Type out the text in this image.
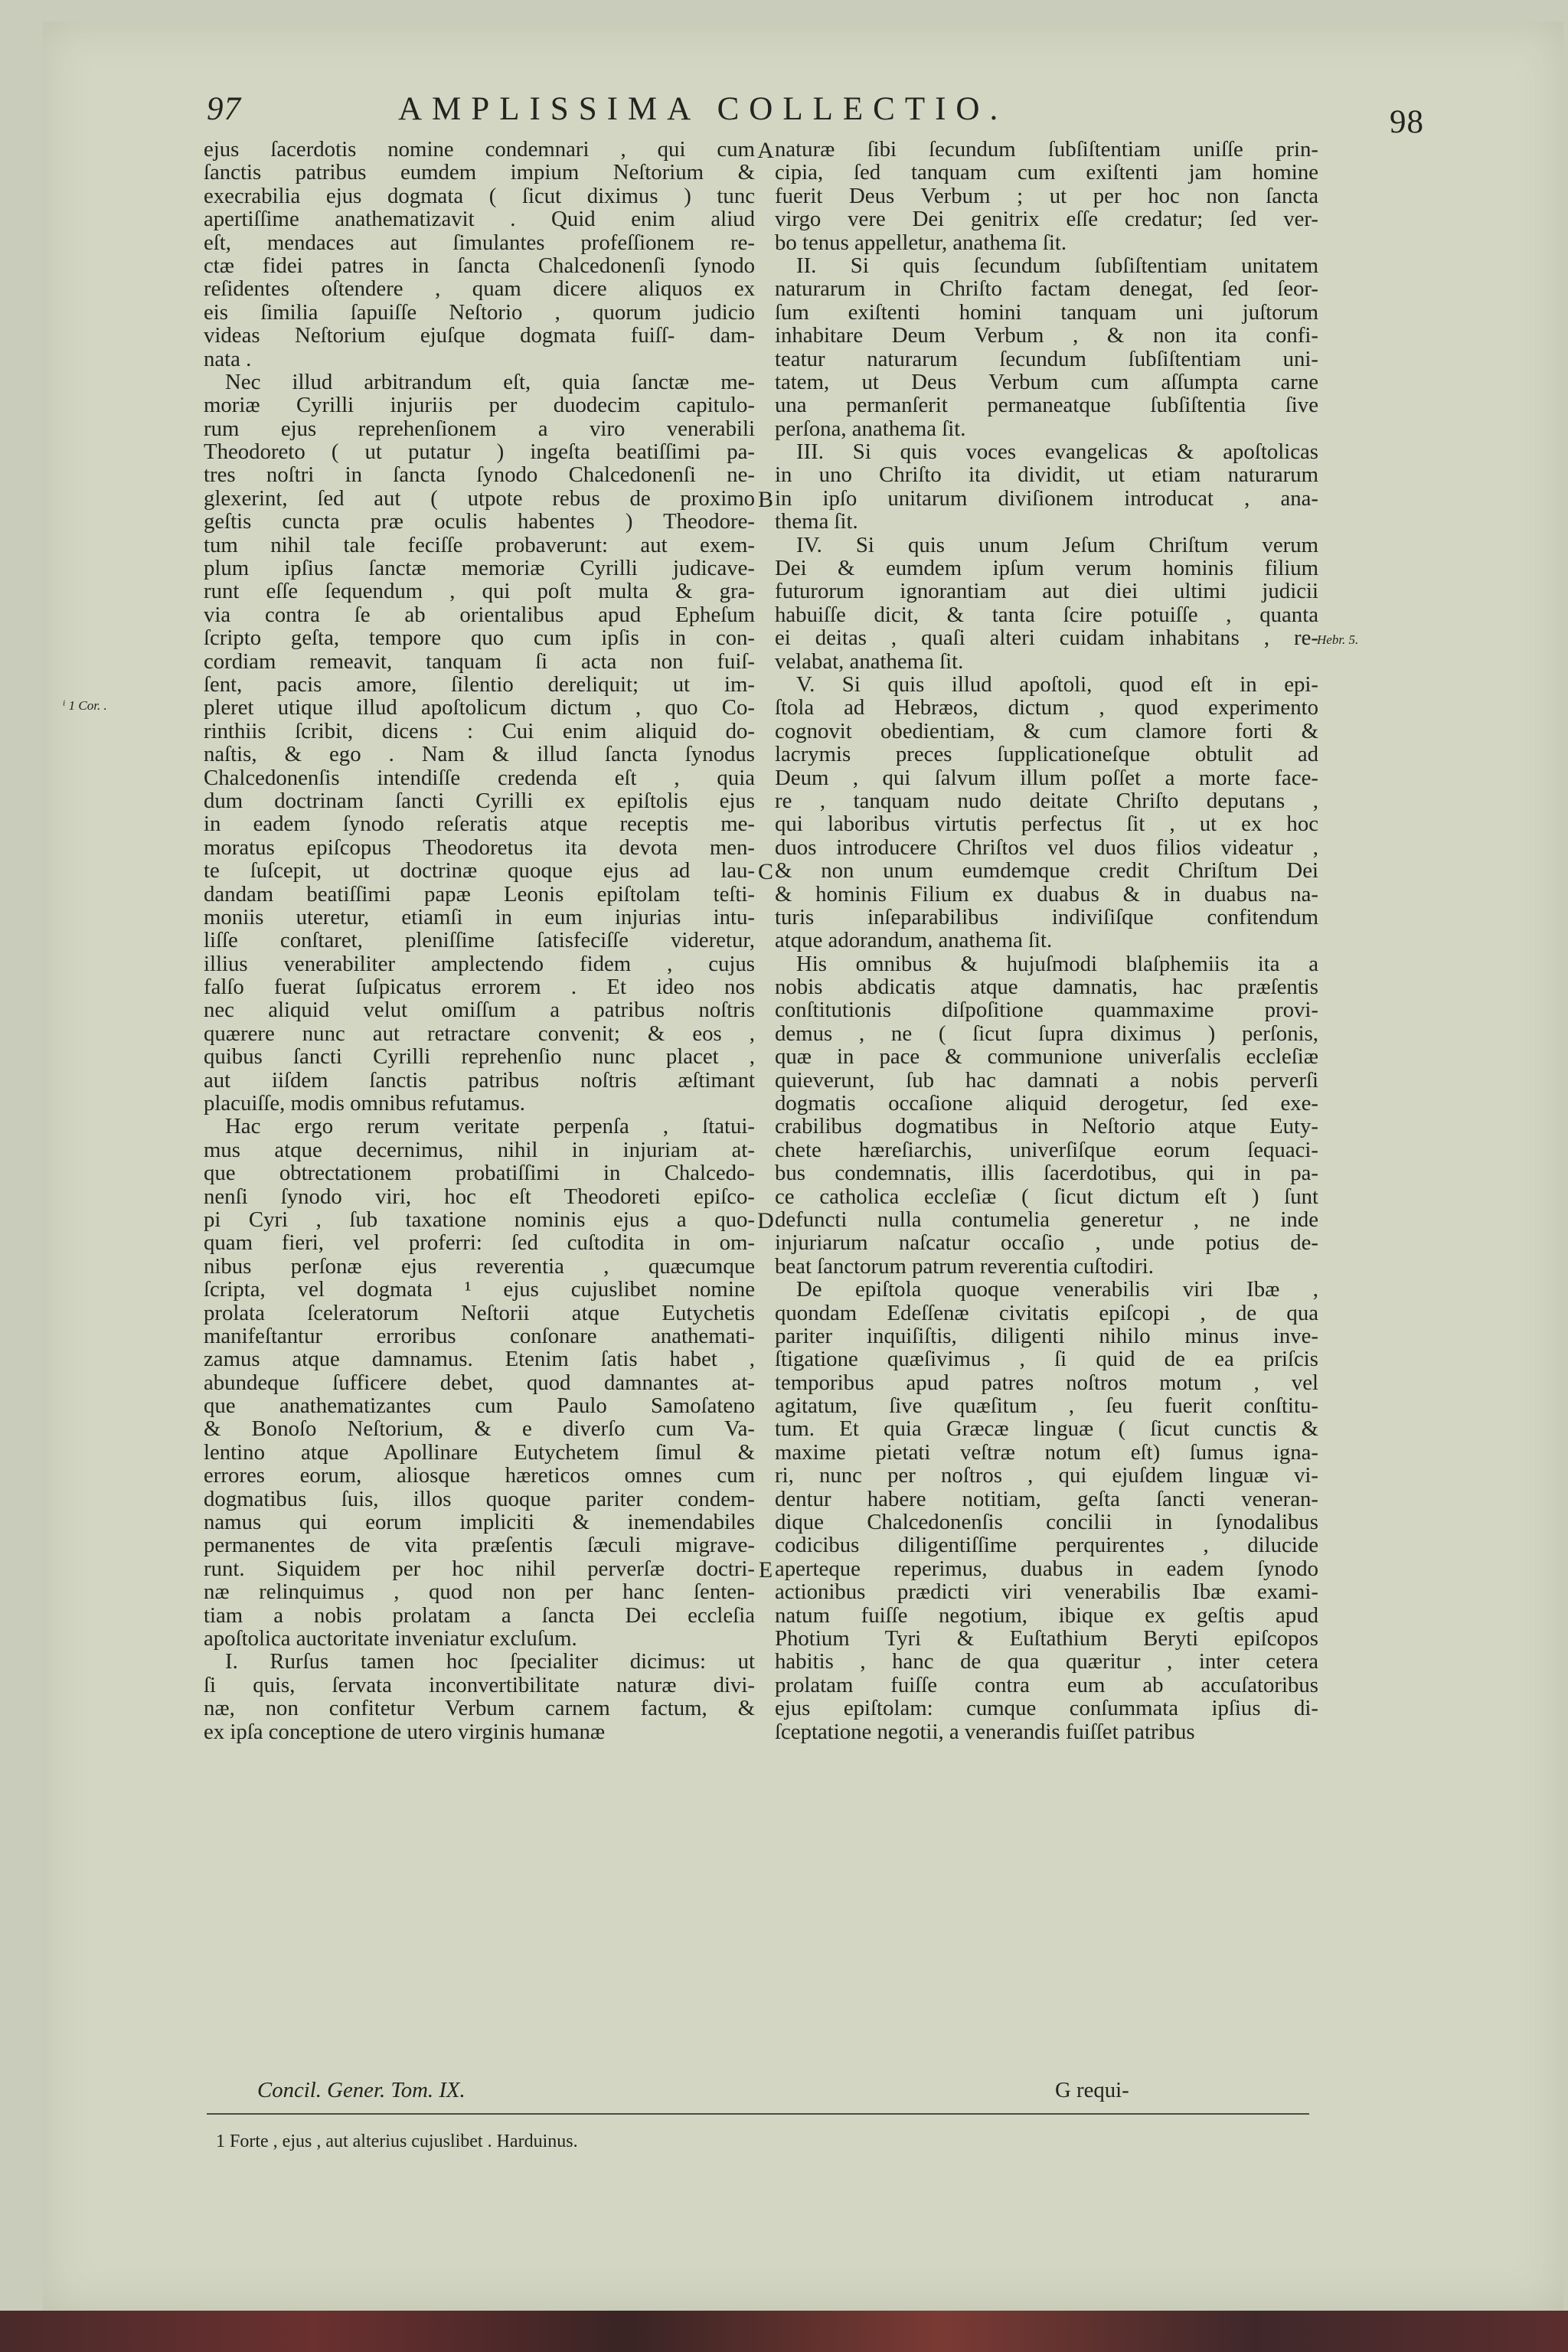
97	AMPLISSIMA COLLECTIO.	98
ejus ſacerdotis nomine condemnari , qui cum
ſanctis patribus eumdem impium Neſtorium &
execrabilia ejus dogmata ( ſicut diximus ) tunc
apertiſſime anathematizavit . Quid enim aliud
eſt, mendaces aut ſimulantes profeſſionem re-
ctæ fidei patres in ſancta Chalcedonenſi ſynodo
reſidentes oſtendere , quam dicere aliquos ex
eis ſimilia ſapuiſſe Neſtorio , quorum judicio
videas Neſtorium ejuſque dogmata fuiſſ- dam-
nata .
Nec illud arbitrandum eſt, quia ſanctæ me-
moriæ Cyrilli injuriis per duodecim capitulo-
rum ejus reprehenſionem a viro venerabili
Theodoreto ( ut putatur ) ingeſta beatiſſimi pa-
tres noſtri in ſancta ſynodo Chalcedonenſi ne-
glexerint, ſed aut ( utpote rebus de proximo
geſtis cuncta præ oculis habentes ) Theodore-
tum nihil tale feciſſe probaverunt: aut exem-
plum ipſius ſanctæ memoriæ Cyrilli judicave-
runt eſſe ſequendum , qui poſt multa & gra-
via contra ſe ab orientalibus apud Epheſum
ſcripto geſta, tempore quo cum ipſis in con-
cordiam remeavit, tanquam ſi acta non fuiſ-
ſent, pacis amore, ſilentio dereliquit; ut im-
pleret utique illud apoſtolicum dictum , quo Co-
rinthiis ſcribit, dicens : Cui enim aliquid do-
naſtis, & ego . Nam & illud ſancta ſynodus
Chalcedonenſis intendiſſe credenda eſt , quia
dum doctrinam ſancti Cyrilli ex epiſtolis ejus
in eadem ſynodo reſeratis atque receptis me-
moratus epiſcopus Theodoretus ita devota men-
te ſuſcepit, ut doctrinæ quoque ejus ad lau-
dandam beatiſſimi papæ Leonis epiſtolam teſti-
moniis uteretur, etiamſi in eum injurias intu-
liſſe conſtaret, pleniſſime ſatisfeciſſe videretur,
illius venerabiliter amplectendo fidem , cujus
falſo fuerat ſuſpicatus errorem . Et ideo nos
nec aliquid velut omiſſum a patribus noſtris
quærere nunc aut retractare convenit; & eos ,
quibus ſancti Cyrilli reprehenſio nunc placet ,
aut iiſdem ſanctis patribus noſtris æſtimant
placuiſſe, modis omnibus refutamus.
Hac ergo rerum veritate perpenſa , ſtatui-
mus atque decernimus, nihil in injuriam at-
que obtrectationem probatiſſimi in Chalcedo-
nenſi ſynodo viri, hoc eſt Theodoreti epiſco-
pi Cyri , ſub taxatione nominis ejus a quo-
quam fieri, vel proferri: ſed cuſtodita in om-
nibus perſonæ ejus reverentia , quæcumque
ſcripta, vel dogmata ¹ ejus cujuslibet nomine
prolata ſceleratorum Neſtorii atque Eutychetis
manifeſtantur erroribus conſonare anathemati-
zamus atque damnamus. Etenim ſatis habet ,
abundeque ſufficere debet, quod damnantes at-
que anathematizantes cum Paulo Samoſateno
& Bonoſo Neſtorium, & e diverſo cum Va-
lentino atque Apollinare Eutychetem ſimul &
errores eorum, aliosque hæreticos omnes cum
dogmatibus ſuis, illos quoque pariter condem-
namus qui eorum impliciti & inemendabiles
permanentes de vita præſentis ſæculi migrave-
runt. Siquidem per hoc nihil perverſæ doctri-
næ relinquimus , quod non per hanc ſenten-
tiam a nobis prolatam a ſancta Dei eccleſia
apoſtolica auctoritate inveniatur excluſum.
I. Rurſus tamen hoc ſpecialiter dicimus: ut
ſi quis, ſervata inconvertibilitate naturæ divi-
næ, non confitetur Verbum carnem factum, &
ex ipſa conceptione de utero virginis humanæ
naturæ ſibi ſecundum ſubſiſtentiam uniſſe prin-
cipia, ſed tanquam cum exiſtenti jam homine
fuerit Deus Verbum ; ut per hoc non ſancta
virgo vere Dei genitrix eſſe credatur; ſed ver-
bo tenus appelletur, anathema ſit.
II. Si quis ſecundum ſubſiſtentiam unitatem
naturarum in Chriſto factam denegat, ſed ſeor-
ſum exiſtenti homini tanquam uni juſtorum
inhabitare Deum Verbum , & non ita confi-
teatur naturarum ſecundum ſubſiſtentiam uni-
tatem, ut Deus Verbum cum aſſumpta carne
una permanſerit permaneatque ſubſiſtentia ſive
perſona, anathema ſit.
III. Si quis voces evangelicas & apoſtolicas
in uno Chriſto ita dividit, ut etiam naturarum
in ipſo unitarum diviſionem introducat , ana-
thema ſit.
IV. Si quis unum Jeſum Chriſtum verum
Dei & eumdem ipſum verum hominis filium
futurorum ignorantiam aut diei ultimi judicii
habuiſſe dicit, & tanta ſcire potuiſſe , quanta
ei deitas , quaſi alteri cuidam inhabitans , re-
velabat, anathema ſit.
V. Si quis illud apoſtoli, quod eſt in epi-
ſtola ad Hebræos, dictum , quod experimento
cognovit obedientiam, & cum clamore forti &
lacrymis preces ſupplicationeſque obtulit ad
Deum , qui ſalvum illum poſſet a morte face-
re , tanquam nudo deitate Chriſto deputans ,
qui laboribus virtutis perfectus ſit , ut ex hoc
duos introducere Chriſtos vel duos filios videatur ,
& non unum eumdemque credit Chriſtum Dei
& hominis Filium ex duabus & in duabus na-
turis inſeparabilibus indiviſiſque confitendum
atque adorandum, anathema ſit.
His omnibus & hujuſmodi blaſphemiis ita a
nobis abdicatis atque damnatis, hac præſentis
conſtitutionis diſpoſitione quammaxime provi-
demus , ne ( ſicut ſupra diximus ) perſonis,
quæ in pace & communione univerſalis eccleſiæ
quieverunt, ſub hac damnati a nobis perverſi
dogmatis occaſione aliquid derogetur, ſed exe-
crabilibus dogmatibus in Neſtorio atque Euty-
chete hæreſiarchis, univerſiſque eorum ſequaci-
bus condemnatis, illis ſacerdotibus, qui in pa-
ce catholica eccleſiæ ( ſicut dictum eſt ) ſunt
defuncti nulla contumelia generetur , ne inde
injuriarum naſcatur occaſio , unde potius de-
beat ſanctorum patrum reverentia cuſtodiri.
De epiſtola quoque venerabilis viri Ibæ ,
quondam Edeſſenæ civitatis epiſcopi , de qua
pariter inquiſiſtis, diligenti nihilo minus inve-
ſtigatione quæſivimus , ſi quid de ea priſcis
temporibus apud patres noſtros motum , vel
agitatum, ſive quæſitum , ſeu fuerit conſtitu-
tum. Et quia Græcæ linguæ ( ſicut cunctis &
maxime pietati veſtræ notum eſt) ſumus igna-
ri, nunc per noſtros , qui ejuſdem linguæ vi-
dentur habere notitiam, geſta ſancti veneran-
dique Chalcedonenſis concilii in ſynodalibus
codicibus diligentiſſime perquirentes , dilucide
aperteque reperimus, duabus in eadem ſynodo
actionibus prædicti viri venerabilis Ibæ exami-
natum fuiſſe negotium, ibique ex geſtis apud
Photium Tyri & Euſtathium Beryti epiſcopos
habitis , hanc de qua quæritur , inter cetera
prolatam fuiſſe contra eum ab accuſatoribus
ejus epiſtolam: cumque conſummata ipſius di-
ſceptatione negotii, a venerandis fuiſſet patribus
A
B
C
D
E
ⁱ 1 Cor. .
Hebr. 5.
Concil. Gener. Tom. IX.	G requi-
1 Forte , ejus , aut alterius cujuslibet . Harduinus.
